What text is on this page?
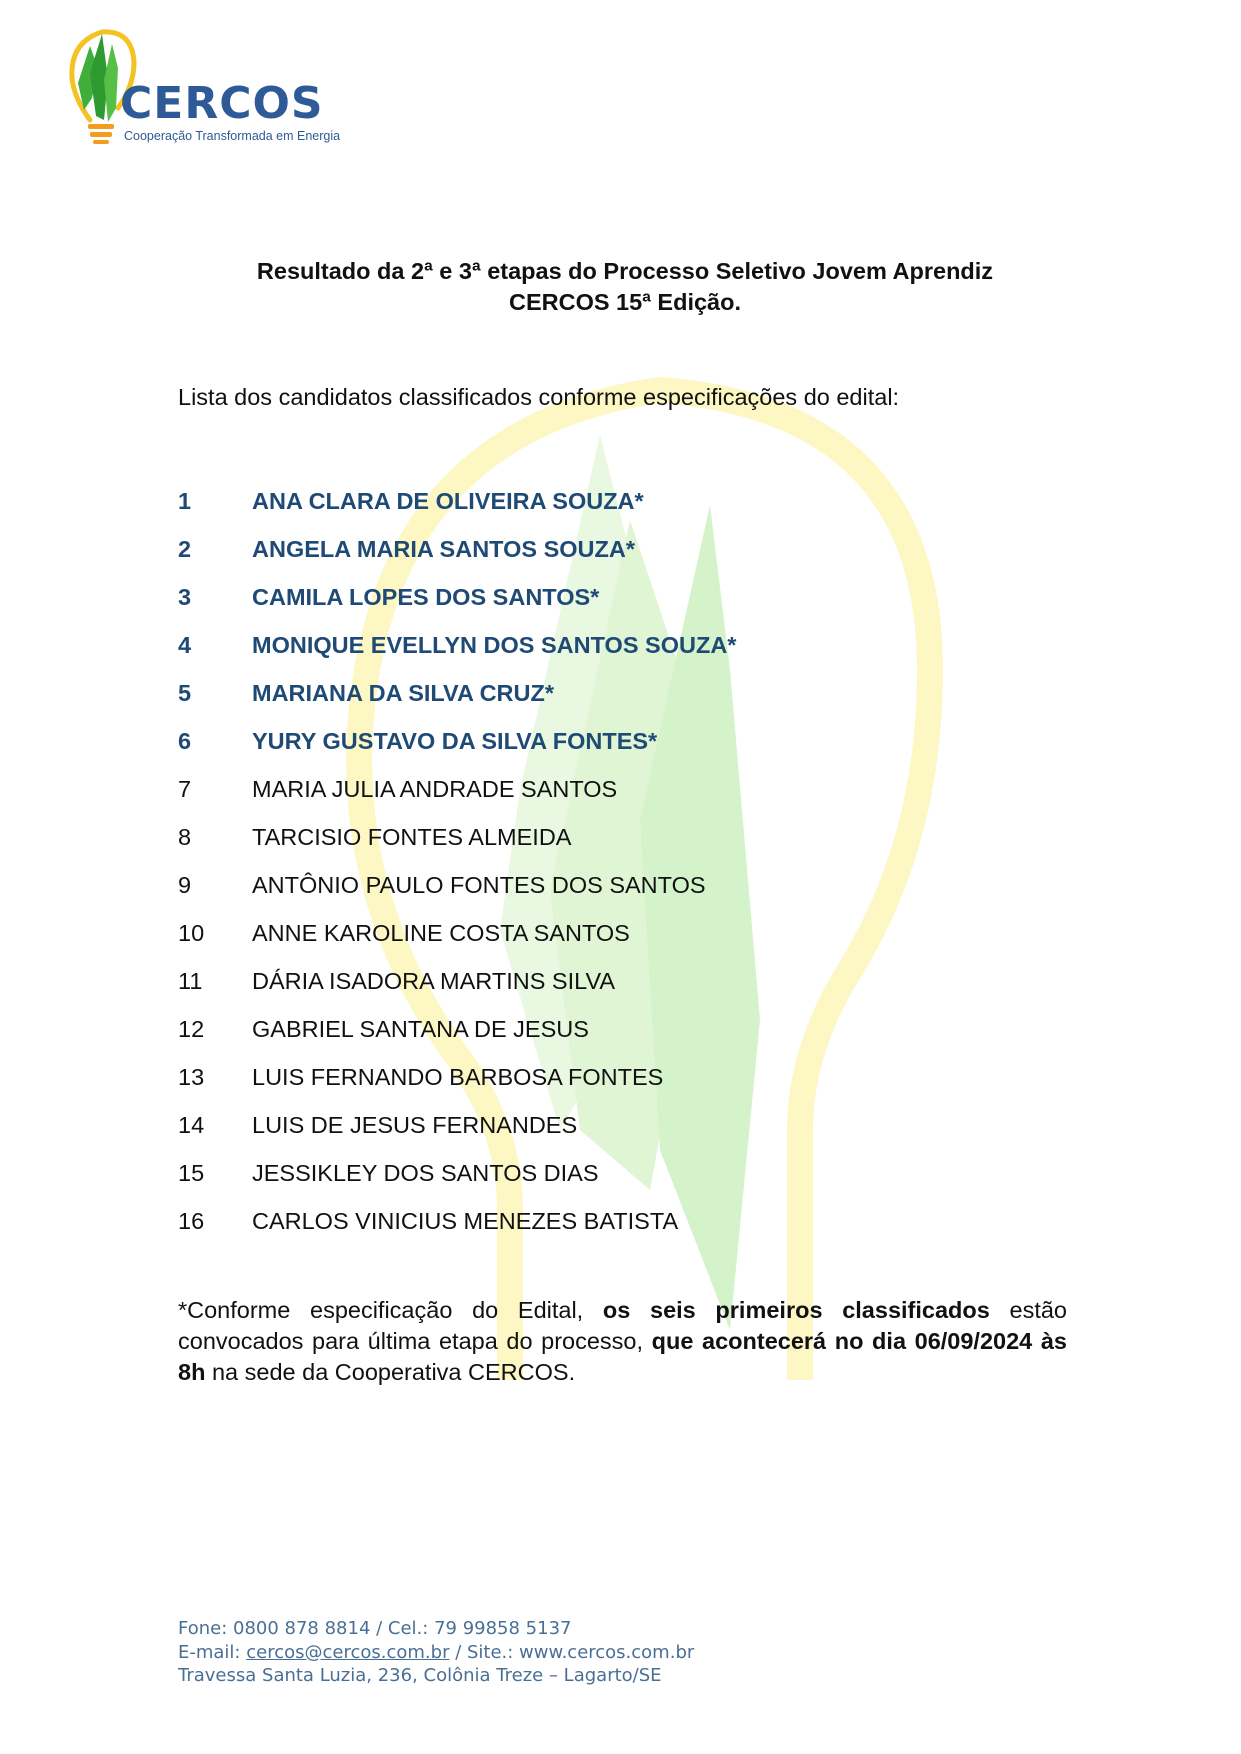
CERCOS
Cooperação Transformada em Energia
Resultado da 2ª e 3ª etapas do Processo Seletivo Jovem Aprendiz
CERCOS 15ª Edição.
Lista dos candidatos classificados conforme especificações do edital:
1	ANA CLARA DE OLIVEIRA SOUZA*
2	ANGELA MARIA SANTOS SOUZA*
3	CAMILA LOPES DOS SANTOS*
4	MONIQUE EVELLYN DOS SANTOS SOUZA*
5	MARIANA DA SILVA CRUZ*
6	YURY GUSTAVO DA SILVA FONTES*
7	MARIA JULIA ANDRADE SANTOS
8	TARCISIO FONTES ALMEIDA
9	ANTÔNIO PAULO FONTES DOS SANTOS
10	ANNE KAROLINE COSTA SANTOS
11	DÁRIA ISADORA MARTINS SILVA
12	GABRIEL SANTANA DE JESUS
13	LUIS FERNANDO BARBOSA FONTES
14	LUIS DE JESUS FERNANDES
15	JESSIKLEY DOS SANTOS DIAS
16	CARLOS VINICIUS MENEZES BATISTA
*Conforme especificação do Edital, os seis primeiros classificados estão convocados para última etapa do processo, que acontecerá no dia 06/09/2024 às 8h na sede da Cooperativa CERCOS.
Fone: 0800 878 8814 / Cel.: 79 99858 5137
E-mail: cercos@cercos.com.br / Site.: www.cercos.com.br
Travessa Santa Luzia, 236, Colônia Treze – Lagarto/SE
